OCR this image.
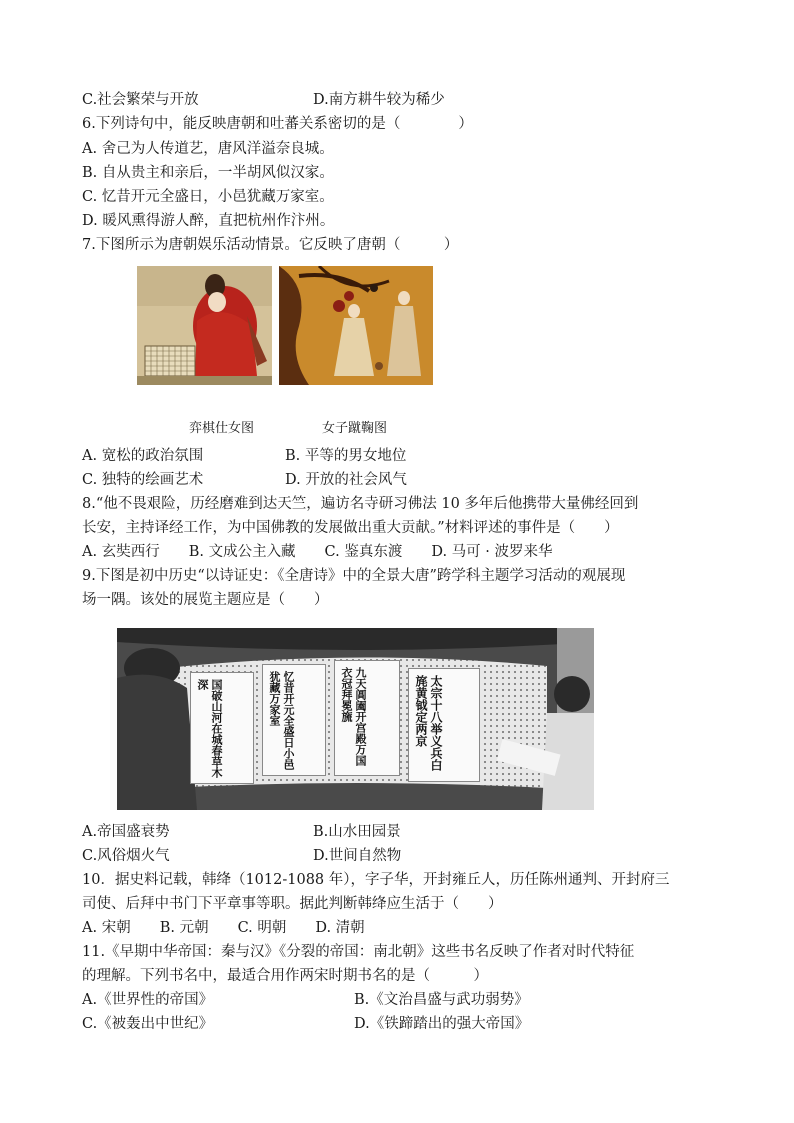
C.社会繁荣与开放	D.南方耕牛较为稀少
6.下列诗句中，能反映唐朝和吐蕃关系密切的是（　　　　）
A. 舍己为人传道艺，唐风洋溢奈良城。
B. 自从贵主和亲后，一半胡风似汉家。
C. 忆昔开元全盛日，小邑犹藏万家室。
D. 暖风熏得游人醉，直把杭州作汴州。
7.下图所示为唐朝娱乐活动情景。它反映了唐朝（　　　）
弈棋仕女图	女子蹴鞠图
A. 宽松的政治氛围	B. 平等的男女地位
C. 独特的绘画艺术	D. 开放的社会风气
8.“他不畏艰险，历经磨难到达天竺，遍访名寺研习佛法 10 多年后他携带大量佛经回到
长安，主持译经工作，为中国佛教的发展做出重大贡献。”材料评述的事件是（　　）
A. 玄奘西行　　B. 文成公主入藏　　C. 鉴真东渡　　D. 马可 · 波罗来华
9.下图是初中历史“以诗证史：《全唐诗》中的全景大唐”跨学科主题学习活动的观展现
场一隅。该处的展览主题应是（　　）
国破山河在城春草木深	忆昔开元全盛日小邑犹藏万家室	九天阊阖开宫殿万国衣冠拜冕旒	太宗十八举义兵白旄黄钺定两京
A.帝国盛衰势	B.山水田园景
C.风俗烟火气	D.世间自然物
10．据史料记载，韩绛（1012-1088 年），字子华，开封雍丘人，历任陈州通判、开封府三
司使、后拜中书门下平章事等职。据此判断韩绛应生活于（　　）
A. 宋朝　　B. 元朝　　C. 明朝　　D. 清朝
11.《早期中华帝国：秦与汉》《分裂的帝国：南北朝》这些书名反映了作者对时代特征
的理解。下列书名中，最适合用作两宋时期书名的是（　　　）
A.《世界性的帝国》	B.《文治昌盛与武功弱势》
C.《被轰出中世纪》	D.《铁蹄踏出的强大帝国》
